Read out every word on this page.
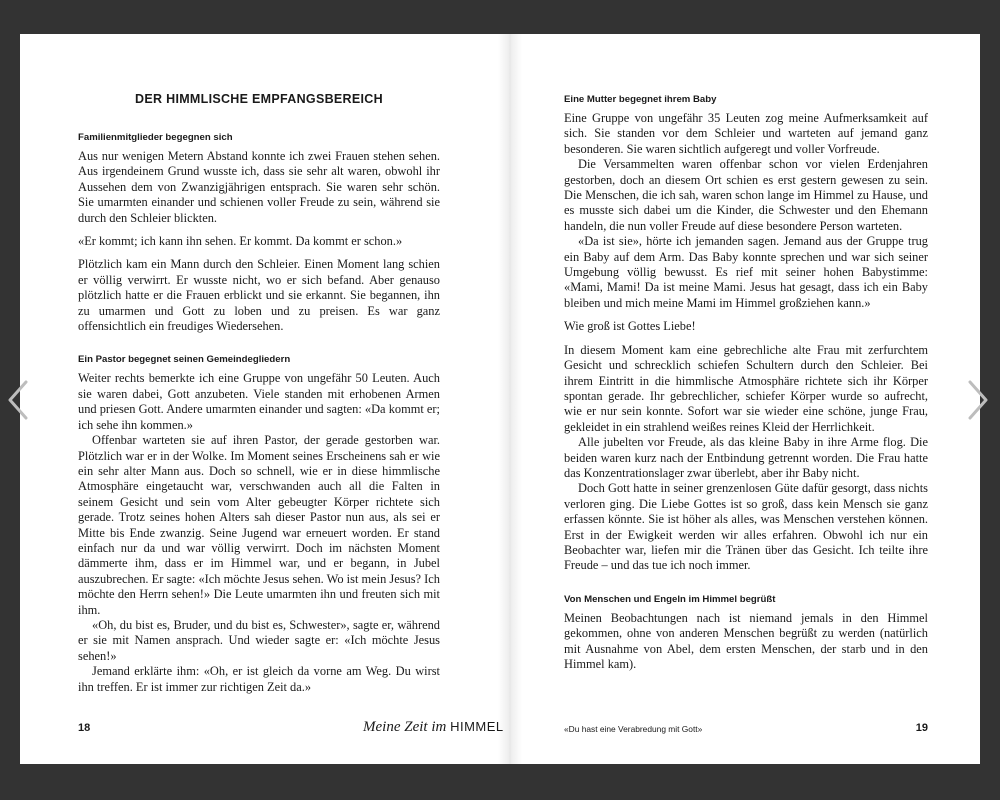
DER HIMMLISCHE EMPFANGSBEREICH
Familienmitglieder begegnen sich

Aus nur wenigen Metern Abstand konnte ich zwei Frauen stehen sehen. Aus irgendeinem Grund wusste ich, dass sie sehr alt waren, obwohl ihr Aussehen dem von Zwanzigjährigen entsprach. Sie waren sehr schön. Sie umarmten einander und schienen voller Freude zu sein, während sie durch den Schleier blickten.

«Er kommt; ich kann ihn sehen. Er kommt. Da kommt er schon.»

Plötzlich kam ein Mann durch den Schleier. Einen Moment lang schien er völlig verwirrt. Er wusste nicht, wo er sich befand. Aber genauso plötzlich hatte er die Frauen erblickt und sie erkannt. Sie begannen, ihn zu umarmen und Gott zu loben und zu preisen. Es war ganz offensichtlich ein freudiges Wiedersehen.

Ein Pastor begegnet seinen Gemeindegliedern

Weiter rechts bemerkte ich eine Gruppe von ungefähr 50 Leuten. Auch sie waren dabei, Gott anzubeten. Viele standen mit erhobenen Armen und priesen Gott. Andere umarmten einander und sagten: «Da kommt er; ich sehe ihn kommen.»

Offenbar warteten sie auf ihren Pastor, der gerade gestorben war. Plötzlich war er in der Wolke. Im Moment seines Erscheinens sah er wie ein sehr alter Mann aus. Doch so schnell, wie er in diese himmlische Atmosphäre eingetaucht war, verschwanden auch all die Falten in seinem Gesicht und sein vom Alter gebeugter Körper richtete sich gerade. Trotz seines hohen Alters sah dieser Pastor nun aus, als sei er Mitte bis Ende zwanzig. Seine Jugend war erneuert worden. Er stand einfach nur da und war völlig verwirrt. Doch im nächsten Moment dämmerte ihm, dass er im Himmel war, und er begann, in Jubel auszubrechen. Er sagte: «Ich möchte Jesus sehen. Wo ist mein Jesus? Ich möchte den Herrn sehen!» Die Leute umarmten ihn und freuten sich mit ihm.

«Oh, du bist es, Bruder, und du bist es, Schwester», sagte er, während er sie mit Namen ansprach. Und wieder sagte er: «Ich möchte Jesus sehen!»

Jemand erklärte ihm: «Oh, er ist gleich da vorne am Weg. Du wirst ihn treffen. Er ist immer zur richtigen Zeit da.»

18	Meine Zeit im HIMMEL
Eine Mutter begegnet ihrem Baby

Eine Gruppe von ungefähr 35 Leuten zog meine Aufmerksamkeit auf sich. Sie standen vor dem Schleier und warteten auf jemand ganz besonderen. Sie waren sichtlich aufgeregt und voller Vorfreude.

Die Versammelten waren offenbar schon vor vielen Erdenjahren gestorben, doch an diesem Ort schien es erst gestern gewesen zu sein. Die Menschen, die ich sah, waren schon lange im Himmel zu Hause, und es musste sich dabei um die Kinder, die Schwester und den Ehemann handeln, die nun voller Freude auf diese besondere Person warteten.

«Da ist sie», hörte ich jemanden sagen. Jemand aus der Gruppe trug ein Baby auf dem Arm. Das Baby konnte sprechen und war sich seiner Umgebung völlig bewusst. Es rief mit seiner hohen Babystimme: «Mami, Mami! Da ist meine Mami. Jesus hat gesagt, dass ich ein Baby bleiben und mich meine Mami im Himmel großziehen kann.»

Wie groß ist Gottes Liebe!

In diesem Moment kam eine gebrechliche alte Frau mit zerfurchtem Gesicht und schrecklich schiefen Schultern durch den Schleier. Bei ihrem Eintritt in die himmlische Atmosphäre richtete sich ihr Körper spontan gerade. Ihr gebrechlicher, schiefer Körper wurde so aufrecht, wie er nur sein konnte. Sofort war sie wieder eine schöne, junge Frau, gekleidet in ein strahlend weißes reines Kleid der Herrlichkeit.

Alle jubelten vor Freude, als das kleine Baby in ihre Arme flog. Die beiden waren kurz nach der Entbindung getrennt worden. Die Frau hatte das Konzentrationslager zwar überlebt, aber ihr Baby nicht.

Doch Gott hatte in seiner grenzenlosen Güte dafür gesorgt, dass nichts verloren ging. Die Liebe Gottes ist so groß, dass kein Mensch sie ganz erfassen könnte. Sie ist höher als alles, was Menschen verstehen können. Erst in der Ewigkeit werden wir alles erfahren. Obwohl ich nur ein Beobachter war, liefen mir die Tränen über das Gesicht. Ich teilte ihre Freude – und das tue ich noch immer.

Von Menschen und Engeln im Himmel begrüßt

Meinen Beobachtungen nach ist niemand jemals in den Himmel gekommen, ohne von anderen Menschen begrüßt zu werden (natürlich mit Ausnahme von Abel, dem ersten Menschen, der starb und in den Himmel kam).

«Du hast eine Verabredung mit Gott»	19
